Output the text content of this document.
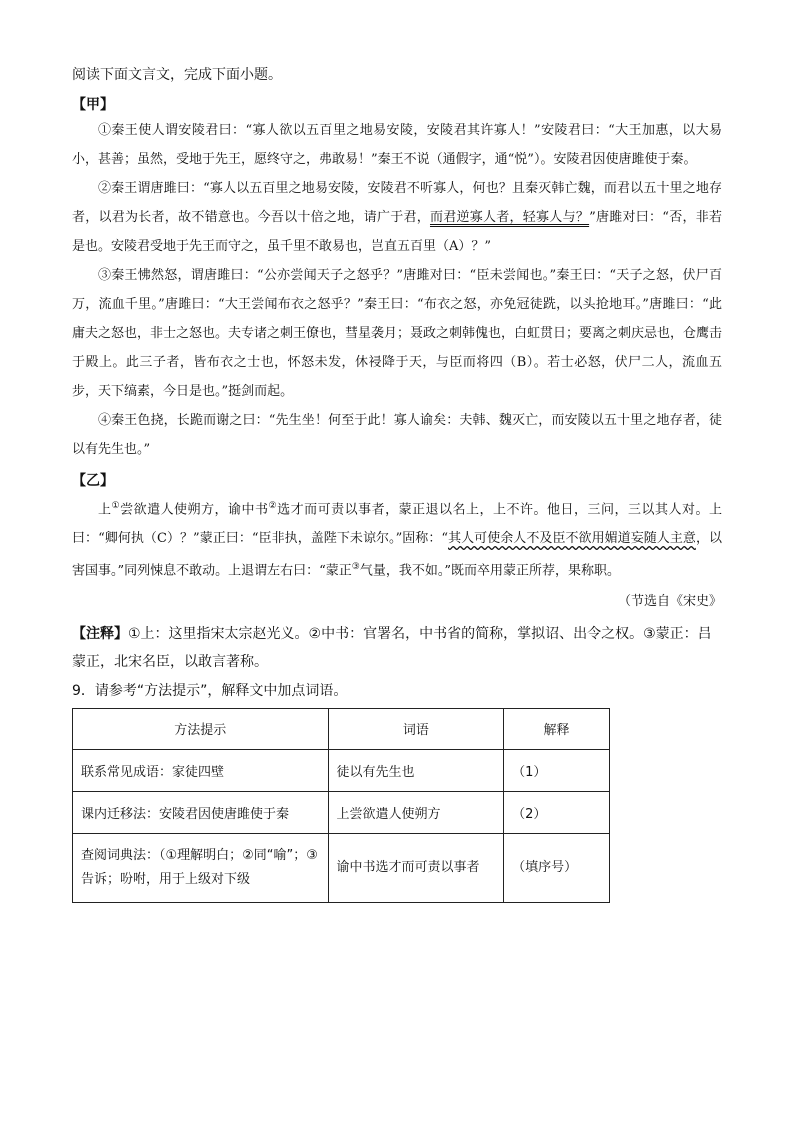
阅读下面文言文，完成下面小题。

【甲】

①秦王使人谓安陵君曰：“寡人欲以五百里之地易安陵，安陵君其许寡人！”安陵君曰：“大王加惠，以大易小，甚善；虽然，受地于先王，愿终守之，弗敢易！”秦王不说（通假字，通“悦”）。安陵君因使唐雎使于秦。

②秦王谓唐雎曰：“寡人以五百里之地易安陵，安陵君不听寡人，何也？且秦灭韩亡魏，而君以五十里之地存者，以君为长者，故不错意也。今吾以十倍之地，请广于君，而君逆寡人者，轻寡人与？”唐雎对曰：“否，非若是也。安陵君受地于先王而守之，虽千里不敢易也，岂直五百里（A）？”

③秦王怫然怒，谓唐雎曰：“公亦尝闻天子之怒乎？”唐雎对曰：“臣未尝闻也。”秦王曰：“天子之怒，伏尸百万，流血千里。”唐雎曰：“大王尝闻布衣之怒乎？”秦王曰：“布衣之怒，亦免冠徒跣，以头抢地耳。”唐雎曰：“此庸夫之怒也，非士之怒也。夫专诸之刺王僚也，彗星袭月；聂政之刺韩傀也，白虹贯日；要离之刺庆忌也，仓鹰击于殿上。此三子者，皆布衣之士也，怀怒未发，休祲降于天，与臣而将四（B）。若士必怒，伏尸二人，流血五步，天下缟素，今日是也。”挺剑而起。

④秦王色挠，长跪而谢之曰：“先生坐！何至于此！寡人谕矣：夫韩、魏灭亡，而安陵以五十里之地存者，徒以有先生也。”

【乙】

上①尝欲遣人使朔方，谕中书②选才而可责以事者，蒙正退以名上，上不许。他日，三问，三以其人对。上曰：“卿何执（C）？”蒙正曰：“臣非执，盖陛下未谅尔。”固称：“其人可使余人不及臣不欲用媚道妄随人主意，以害国事。”同列悚息不敢动。上退谓左右曰：“蒙正③气量，我不如。”既而卒用蒙正所荐，果称职。

（节选自《宋史》

【注释】①上：这里指宋太宗赵光义。②中书：官署名，中书省的简称，掌拟诏、出令之权。③蒙正：吕蒙正，北宋名臣，以敢言著称。

9．请参考“方法提示”，解释文中加点词语。

方法提示	词语	解释
联系常见成语：家徒四壁	徒以有先生也	（1）
课内迁移法：安陵君因使唐雎使于秦	上尝欲遣人使朔方	（2）
查阅词典法：（①理解明白；②同“喻”；③告诉；吩咐，用于上级对下级	谕中书选才而可责以事者	（填序号）
